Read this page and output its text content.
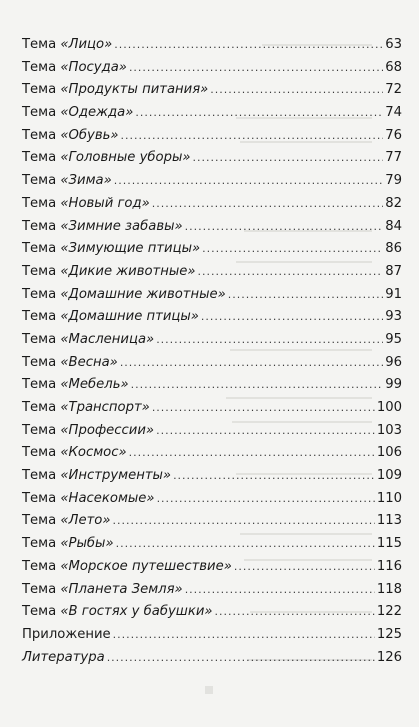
Тема «Лицо» .....	63
Тема «Посуда» .....	68
Тема «Продукты питания» .....	72
Тема «Одежда» .....	74
Тема «Обувь» .....	76
Тема «Головные уборы» .....	77
Тема «Зима» .....	79
Тема «Новый год» .....	82
Тема «Зимние забавы» .....	84
Тема «Зимующие птицы» .....	86
Тема «Дикие животные» .....	87
Тема «Домашние животные» .....	91
Тема «Домашние птицы» .....	93
Тема «Масленица» .....	95
Тема «Весна» .....	96
Тема «Мебель» .....	99
Тема «Транспорт» .....	100
Тема «Профессии» .....	103
Тема «Космос» .....	106
Тема «Инструменты» .....	109
Тема «Насекомые» .....	110
Тема «Лето» .....	113
Тема «Рыбы» .....	115
Тема «Морское путешествие» .....	116
Тема «Планета Земля» .....	118
Тема «В гостях у бабушки» .....	122
Приложение .....	125
Литература .....	126
